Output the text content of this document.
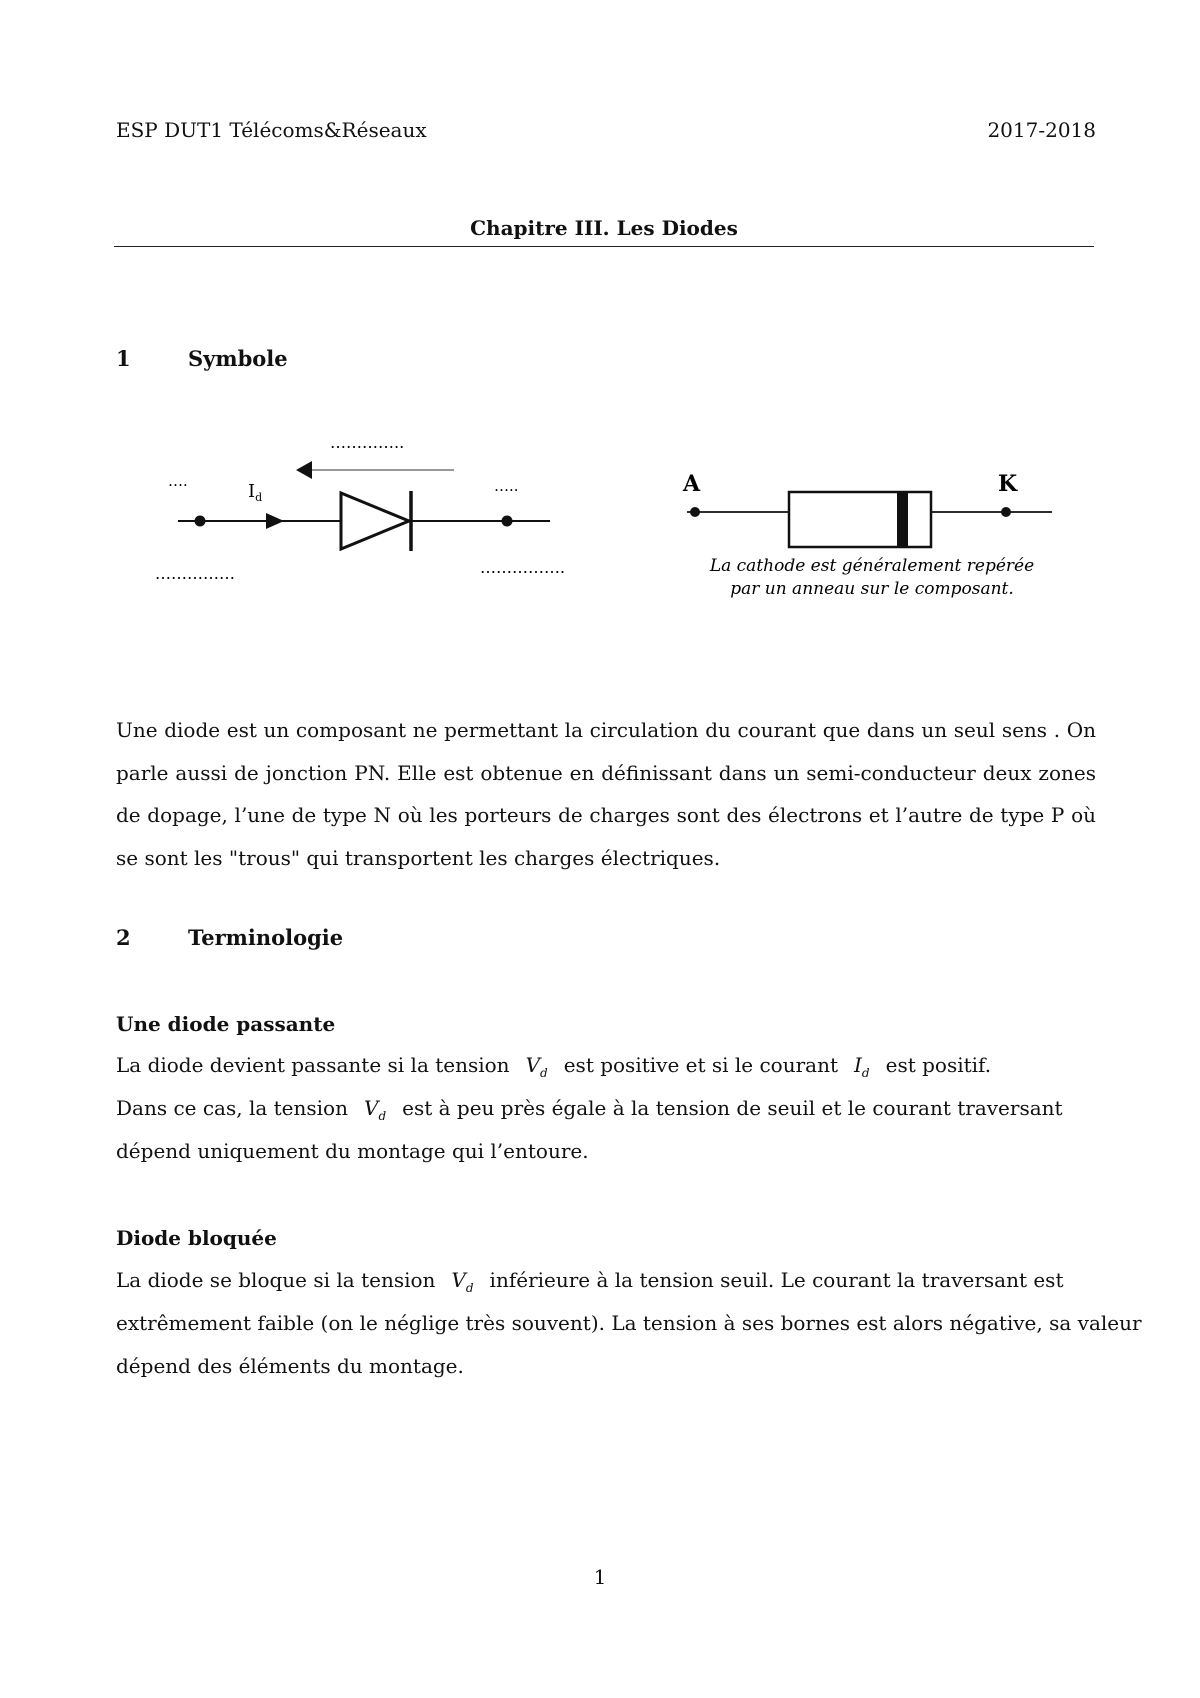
ESP DUT1 Télécoms&Réseaux	2017-2018
Chapitre III. Les Diodes
1	Symbole
…………..
….	$I_d$
…..
……………	…………….
A	K
La cathode est généralement repérée
par un anneau sur le composant.
Une diode est un composant ne permettant la circulation du courant que dans un seul sens . On parle aussi de jonction PN. Elle est obtenue en définissant dans un semi-conducteur deux zones de dopage, l’une de type N où les porteurs de charges sont des électrons et l’autre de type P où se sont les "trous" qui transportent les charges électriques.
2	Terminologie
Une diode passante
La diode devient passante si la tension $V_d$ est positive et si le courant $I_d$ est positif.
Dans ce cas, la tension $V_d$ est à peu près égale à la tension de seuil et le courant traversant
dépend uniquement du montage qui l’entoure.
Diode bloquée
La diode se bloque si la tension $V_d$ inférieure à la tension seuil. Le courant la traversant est
extrêmement faible (on le néglige très souvent). La tension à ses bornes est alors négative, sa valeur
dépend des éléments du montage.
1
